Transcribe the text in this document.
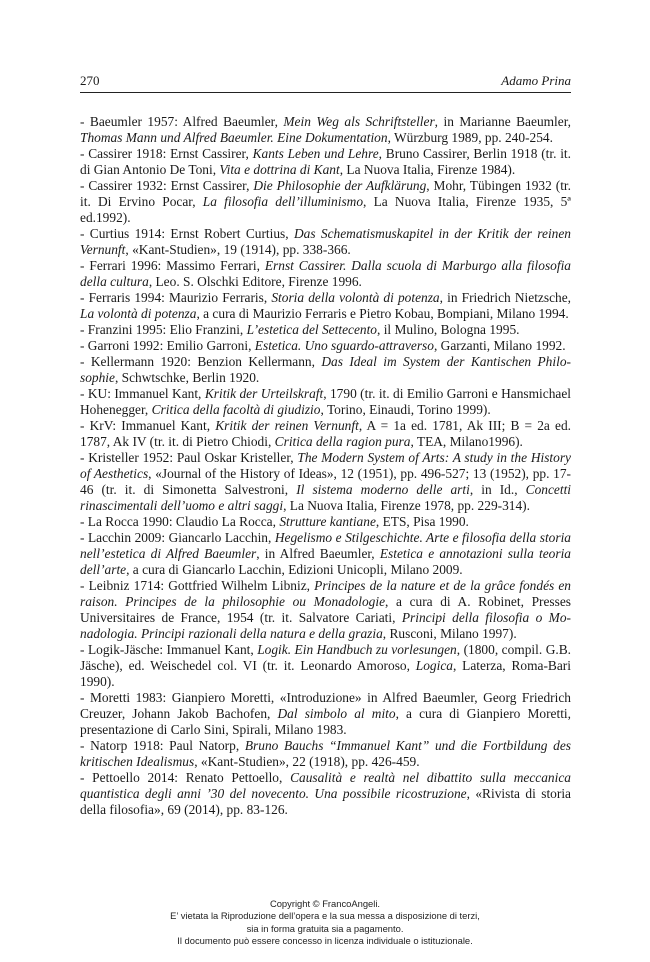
270	Adamo Prina

- Baeumler 1957: Alfred Baeumler, Mein Weg als Schriftsteller, in Marianne Baeumler, Thomas Mann und Alfred Baeumler. Eine Dokumentation, Würzburg 1989, pp. 240-254.

- Cassirer 1918: Ernst Cassirer, Kants Leben und Lehre, Bruno Cassirer, Berlin 1918 (tr. it. di Gian Antonio De Toni, Vita e dottrina di Kant, La Nuova Italia, Firenze 1984).

- Cassirer 1932: Ernst Cassirer, Die Philosophie der Aufklärung, Mohr, Tübingen 1932 (tr. it. Di Ervino Pocar, La filosofia dell’illuminismo, La Nuova Italia, Firenze 1935, 5ª ed.1992).

- Curtius 1914: Ernst Robert Curtius, Das Schematismuskapitel in der Kritik der reinen Vernunft, «Kant-Studien», 19 (1914), pp. 338-366.

- Ferrari 1996: Massimo Ferrari, Ernst Cassirer. Dalla scuola di Marburgo alla filosofia della cultura, Leo. S. Olschki Editore, Firenze 1996.

- Ferraris 1994: Maurizio Ferraris, Storia della volontà di potenza, in Friedrich Nietzsche, La volontà di potenza, a cura di Maurizio Ferraris e Pietro Kobau, Bompiani, Milano 1994.

- Franzini 1995: Elio Franzini, L’estetica del Settecento, il Mulino, Bologna 1995.

- Garroni 1992: Emilio Garroni, Estetica. Uno sguardo-attraverso, Garzanti, Milano 1992.

- Kellermann 1920: Benzion Kellermann, Das Ideal im System der Kantischen Philosophie, Schwtschke, Berlin 1920.

- KU: Immanuel Kant, Kritik der Urteilskraft, 1790 (tr. it. di Emilio Garroni e Hansmichael Hohenegger, Critica della facoltà di giudizio, Torino, Einaudi, Torino 1999).

- KrV: Immanuel Kant, Kritik der reinen Vernunft, A = 1a ed. 1781, Ak III; B = 2a ed. 1787, Ak IV (tr. it. di Pietro Chiodi, Critica della ragion pura, TEA, Milano1996).

- Kristeller 1952: Paul Oskar Kristeller, The Modern System of Arts: A study in the History of Aesthetics, «Journal of the History of Ideas», 12 (1951), pp. 496-527; 13 (1952), pp. 17-46 (tr. it. di Simonetta Salvestroni, Il sistema moderno delle arti, in Id., Concetti rinascimentali dell’uomo e altri saggi, La Nuova Italia, Firenze 1978, pp. 229-314).

- La Rocca 1990: Claudio La Rocca, Strutture kantiane, ETS, Pisa 1990.

- Lacchin 2009: Giancarlo Lacchin, Hegelismo e Stilgeschichte. Arte e filosofia della storia nell’estetica di Alfred Baeumler, in Alfred Baeumler, Estetica e annotazioni sulla teoria dell’arte, a cura di Giancarlo Lacchin, Edizioni Unicopli, Milano 2009.

- Leibniz 1714: Gottfried Wilhelm Libniz, Principes de la nature et de la grâce fondés en raison. Principes de la philosophie ou Monadologie, a cura di A. Robinet, Presses Universitaires de France, 1954 (tr. it. Salvatore Cariati, Principi della filosofia o Monadologia. Principi razionali della natura e della grazia, Rusconi, Milano 1997).

- Logik-Jäsche: Immanuel Kant, Logik. Ein Handbuch zu vorlesungen, (1800, compil. G.B. Jäsche), ed. Weischedel col. VI (tr. it. Leonardo Amoroso, Logica, Laterza, Roma-Bari 1990).

- Moretti 1983: Gianpiero Moretti, «Introduzione» in Alfred Baeumler, Georg Friedrich Creuzer, Johann Jakob Bachofen, Dal simbolo al mito, a cura di Gianpiero Moretti, presentazione di Carlo Sini, Spirali, Milano 1983.

- Natorp 1918: Paul Natorp, Bruno Bauchs “Immanuel Kant” und die Fortbildung des kritischen Idealismus, «Kant-Studien», 22 (1918), pp. 426-459.

- Pettoello 2014: Renato Pettoello, Causalità e realtà nel dibattito sulla meccanica quantistica degli anni ’30 del novecento. Una possibile ricostruzione, «Rivista di storia della filosofia», 69 (2014), pp. 83-126.

Copyright © FrancoAngeli.
E’ vietata la Riproduzione dell’opera e la sua messa a disposizione di terzi,
sia in forma gratuita sia a pagamento.
Il documento può essere concesso in licenza individuale o istituzionale.
